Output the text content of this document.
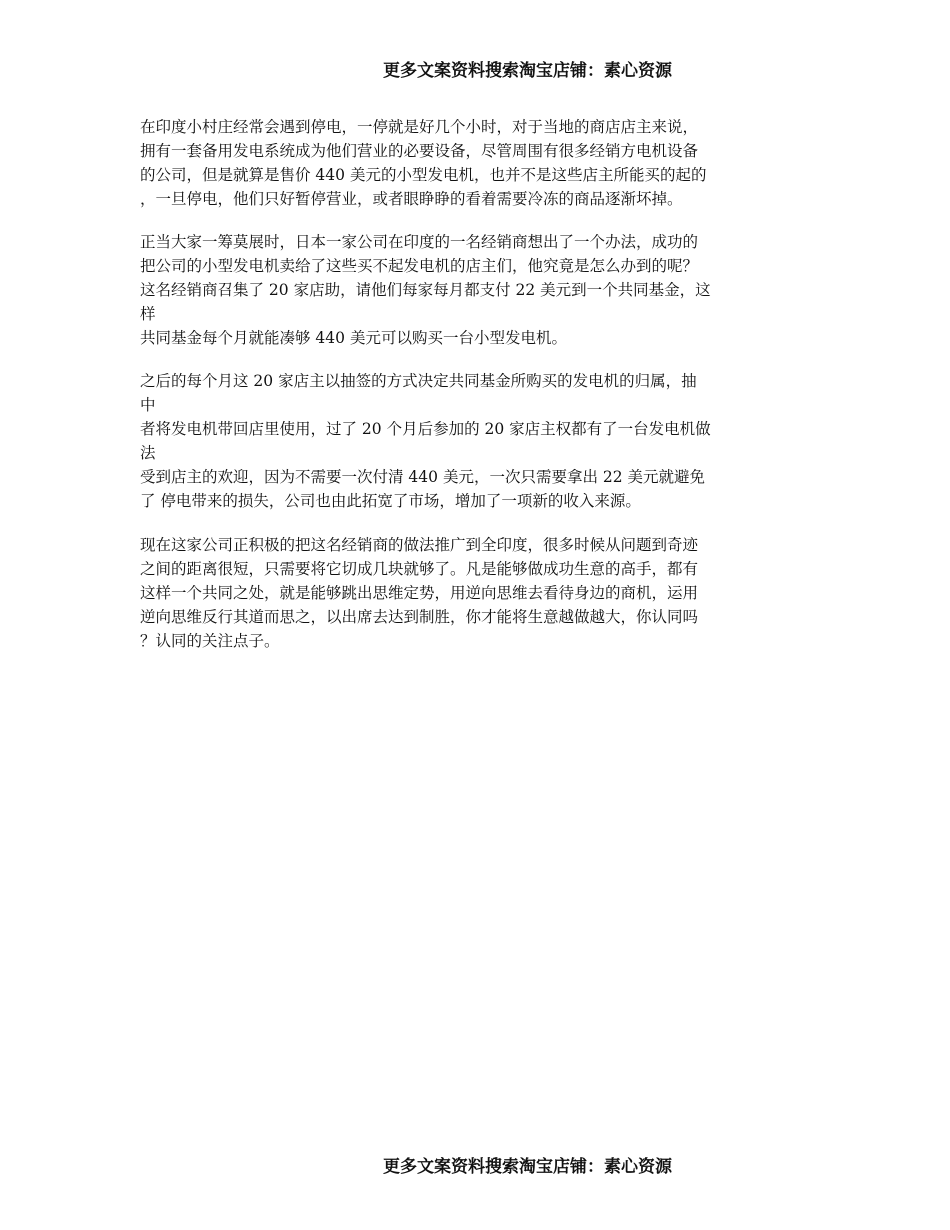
更多文案资料搜索淘宝店铺：素心资源
在印度小村庄经常会遇到停电，一停就是好几个小时，对于当地的商店店主来说，
拥有一套备用发电系统成为他们营业的必要设备，尽管周围有很多经销方电机设备
的公司，但是就算是售价 440 美元的小型发电机，也并不是这些店主所能买的起的
，一旦停电，他们只好暂停营业，或者眼睁睁的看着需要冷冻的商品逐渐坏掉。
正当大家一筹莫展时，日本一家公司在印度的一名经销商想出了一个办法，成功的
把公司的小型发电机卖给了这些买不起发电机的店主们，他究竟是怎么办到的呢？
这名经销商召集了 20 家店助，请他们每家每月都支付 22 美元到一个共同基金，这
样
共同基金每个月就能凑够 440 美元可以购买一台小型发电机。
之后的每个月这 20 家店主以抽签的方式决定共同基金所购买的发电机的归属，抽
中
者将发电机带回店里使用，过了 20 个月后参加的 20 家店主权都有了一台发电机做
法
受到店主的欢迎，因为不需要一次付清 440 美元，一次只需要拿出 22 美元就避免
了 停电带来的损失，公司也由此拓宽了市场，增加了一项新的收入来源。
现在这家公司正积极的把这名经销商的做法推广到全印度，很多时候从问题到奇迹
之间的距离很短，只需要将它切成几块就够了。凡是能够做成功生意的高手，都有
这样一个共同之处，就是能够跳出思维定势，用逆向思维去看待身边的商机，运用
逆向思维反行其道而思之，以出席去达到制胜，你才能将生意越做越大，你认同吗
？认同的关注点子。
更多文案资料搜索淘宝店铺：素心资源
